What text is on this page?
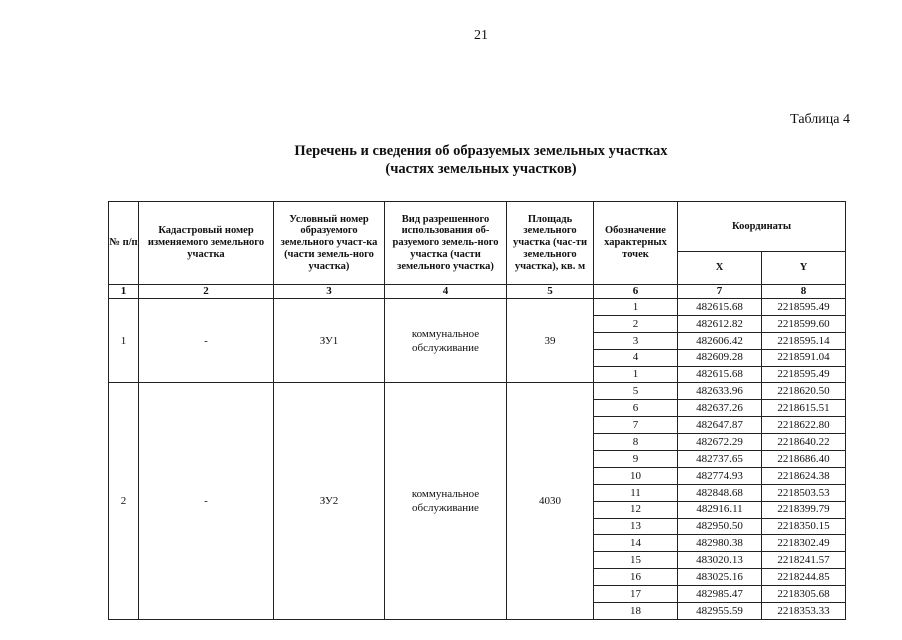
21
Таблица 4
Перечень и сведения об образуемых земельных участках
(частях земельных участков)
№ п/п	Кадастровый номер изменяемого земельного участка	Условный номер образуемого земельного участ-ка (части земель-ного участка)	Вид разрешенного использования об-разуемого земель-ного участка (части земельного участка)	Площадь земельного участка (час-ти земельного участка), кв. м	Обозначение характерных точек	Координаты	
						X	Y
1	2	3	4	5	6	7	8
1	-	ЗУ1	коммунальное обслуживание	39	1	482615.68	2218595.49
					2	482612.82	2218599.60
					3	482606.42	2218595.14
					4	482609.28	2218591.04
					1	482615.68	2218595.49
2	-	ЗУ2	коммунальное обслуживание	4030	5	482633.96	2218620.50
					6	482637.26	2218615.51
					7	482647.87	2218622.80
					8	482672.29	2218640.22
					9	482737.65	2218686.40
					10	482774.93	2218624.38
					11	482848.68	2218503.53
					12	482916.11	2218399.79
					13	482950.50	2218350.15
					14	482980.38	2218302.49
					15	483020.13	2218241.57
					16	483025.16	2218244.85
					17	482985.47	2218305.68
					18	482955.59	2218353.33
